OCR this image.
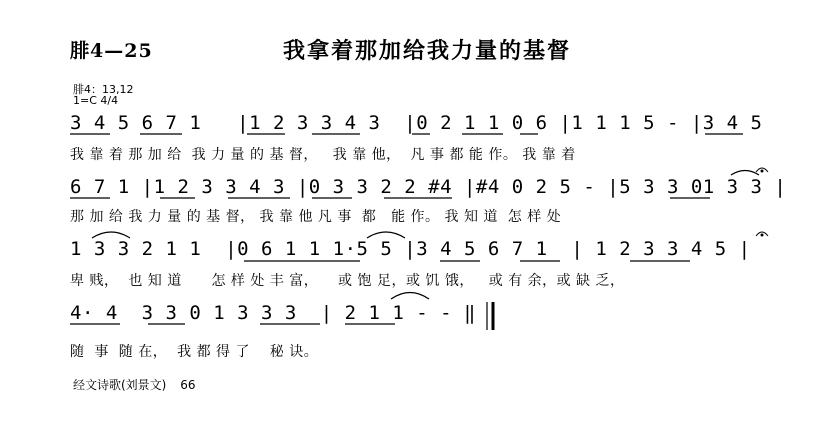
腓4—25	我拿着那加给我力量的基督
腓4：13,12
1=C 4/4
3 4 5 6 7 1   |1 2 3 3 4 3  |0 2 1 1 0 6 |1 1 1 5 - |3 4 5
我 靠 着 那 加 给  我 力 量 的 基 督，   我 靠 他，  凡 事 都 能 作。 我 靠 着
6 7 1 |1 2 3 3 4 3 |0 3 3 2 2 #4 |#4 0 2 5 - |5 3 3 01 3 3 |
那 加 给 我 力 量 的 基 督， 我 靠 他 凡 事  都   能 作。 我 知 道  怎 样 处
1 3 3 2 1 1  |0 6 1 1 1·5 5 |3 4 5 6 7 1  | 1 2 3 3 4 5 |
卑 贱，  也 知 道      怎 样 处 丰 富，    或 饱 足，或 饥 饿，   或 有 余，或 缺 乏，
4· 4  3 3 0 1 3 3 3  | 2 1 1 - - ‖
随  事  随 在，  我 都 得 了    秘 诀。
经文诗歌(刘景文) 66
